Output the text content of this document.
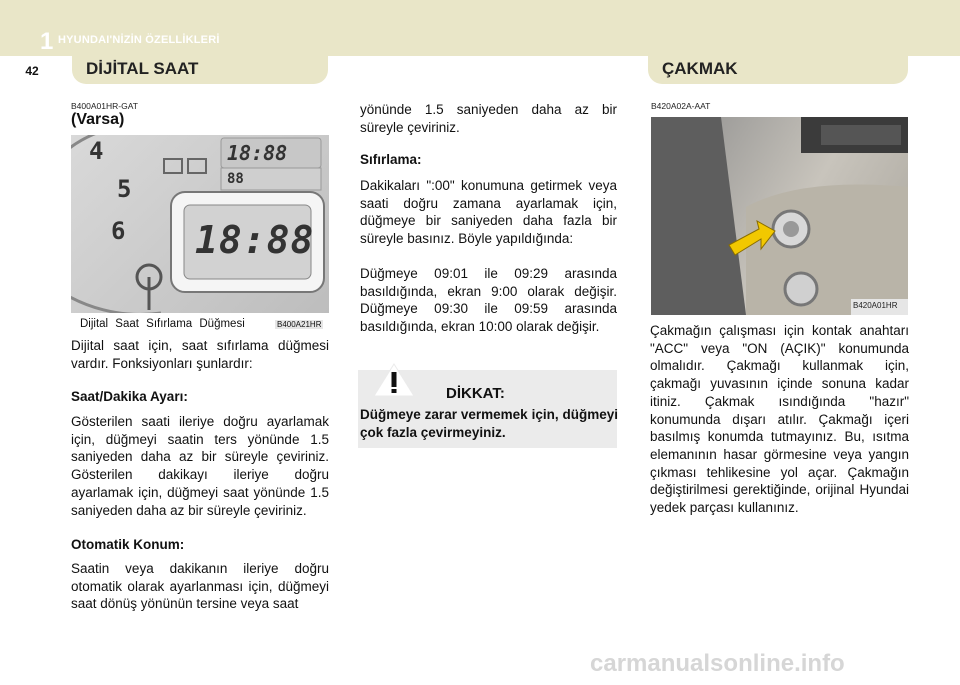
1 HYUNDAI'NİZİN ÖZELLİKLERİ
42	DİJİTAL SAAT	ÇAKMAK
B400A01HR-GAT
(Varsa)
4
5
6
18:88
88
18:88
Dijital Saat Sıfırlama Düğmesi	B400A21HR

Dijital saat için, saat sıfırlama düğmesi vardır. Fonksiyonları şunlardır:

Saat/Dakika Ayarı:

Gösterilen saati ileriye doğru ayarlamak için, düğmeyi saatin ters yönünde 1.5 saniyeden daha az bir süreyle çeviriniz. Gösterilen dakikayı ileriye doğru ayarlamak için, düğmeyi saat yönünde 1.5 saniyeden daha az bir süreyle çeviriniz.

Otomatik Konum:

Saatin veya dakikanın ileriye doğru otomatik olarak ayarlanması için, düğmeyi saat dönüş yönünün tersine veya saat

yönünde 1.5 saniyeden daha az bir süreyle çeviriniz.

Sıfırlama:

Dakikaları ":00" konumuna getirmek veya saati doğru zamana ayarlamak için, düğmeye bir saniyeden daha fazla bir süreyle basınız. Böyle yapıldığında:

Düğmeye 09:01 ile 09:29 arasında basıldığında, ekran 9:00 olarak değişir. Düğmeye 09:30 ile 09:59 arasında basıldığında, ekran 10:00 olarak değişir.

DİKKAT:

Düğmeye zarar vermemek için, düğmeyi çok fazla çevirmeyiniz.

B420A02A-AAT
B420A01HR

Çakmağın çalışması için kontak anahtarı "ACC" veya "ON (AÇIK)" konumunda olmalıdır. Çakmağı kullanmak için, çakmağı yuvasının içinde sonuna kadar itiniz. Çakmak ısındığında "hazır" konumunda dışarı atılır. Çakmağı içeri basılmış konumda tutmayınız. Bu, ısıtma elemanının hasar görmesine veya yangın çıkması tehlikesine yol açar. Çakmağın değiştirilmesi gerektiğinde, orijinal Hyundai yedek parçası kullanınız.

carmanualsonline.info
